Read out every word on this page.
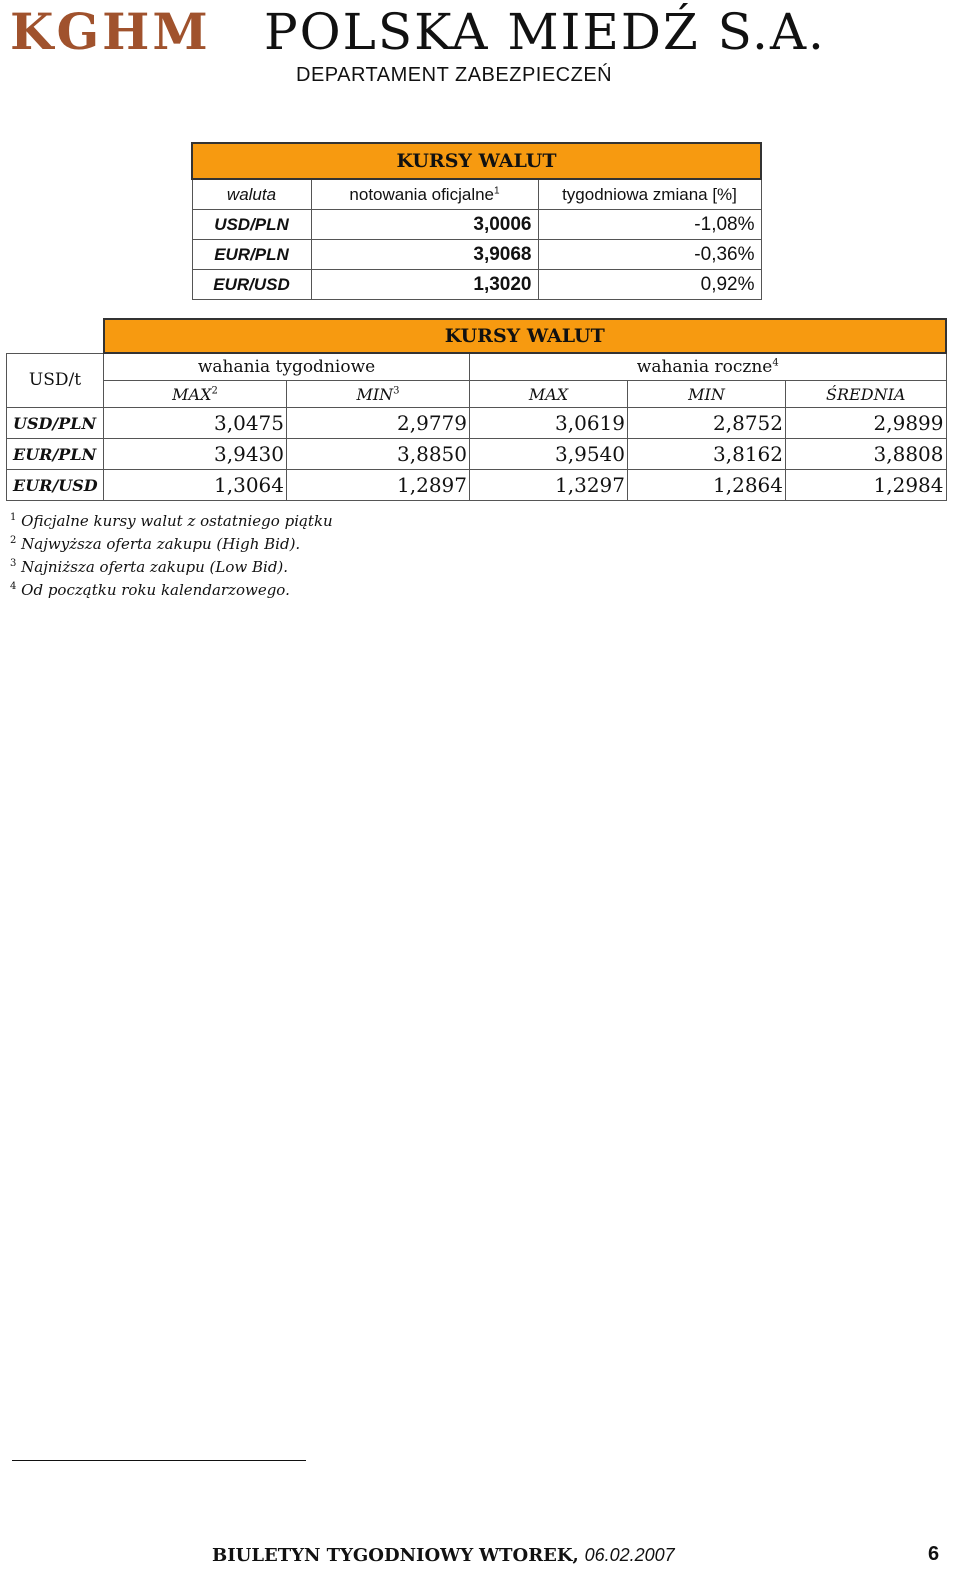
KGHM POLSKA MIEDŹ S.A.
DEPARTAMENT ZABEZPIECZEŃ
KURSY WALUT		
waluta	notowania oficjalne$^1$	tygodniowa zmiana [%]
USD/PLN	3,0006	-1,08%
EUR/PLN	3,9068	-0,36%
EUR/USD	1,3020	0,92%
	KURSY WALUT				
USD/t	wahania tygodniowe		wahania roczne$^4$
	MAX$^2$	MIN$^3$	MAX	MIN	ŚREDNIA
USD/PLN	3,0475	2,9779	3,0619	2,8752	2,9899
EUR/PLN	3,9430	3,8850	3,9540	3,8162	3,8808
EUR/USD	1,3064	1,2897	1,3297	1,2864	1,2984
$^1$ Oficjalne kursy walut z ostatniego piątku
$^2$ Najwyższa oferta zakupu (High Bid).
$^3$ Najniższa oferta zakupu (Low Bid).
$^4$ Od początku roku kalendarzowego.
BIULETYN TYGODNIOWY WTOREK, 06.02.2007	6
